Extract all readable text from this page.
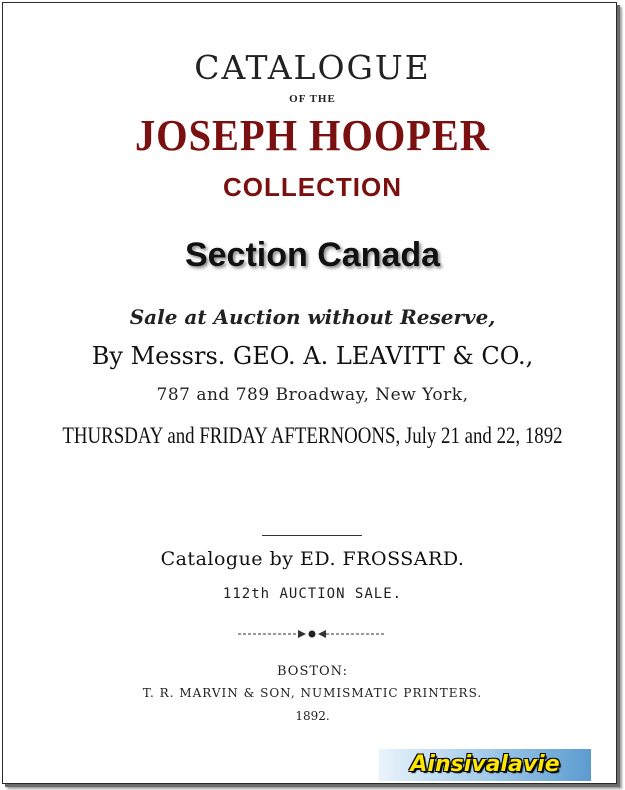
CATALOGUE
OF THE
JOSEPH HOOPER
COLLECTION
Section Canada
Sale at Auction without Reserve,
By Messrs. GEO. A. LEAVITT & CO.,
787 and 789 Broadway, New York,
THURSDAY and FRIDAY AFTERNOONS, July 21 and 22, 1892
Catalogue by ED. FROSSARD.
112th AUCTION SALE.
BOSTON:
T. R. MARVIN & SON, NUMISMATIC PRINTERS.
1892.
Ainsivalavie
